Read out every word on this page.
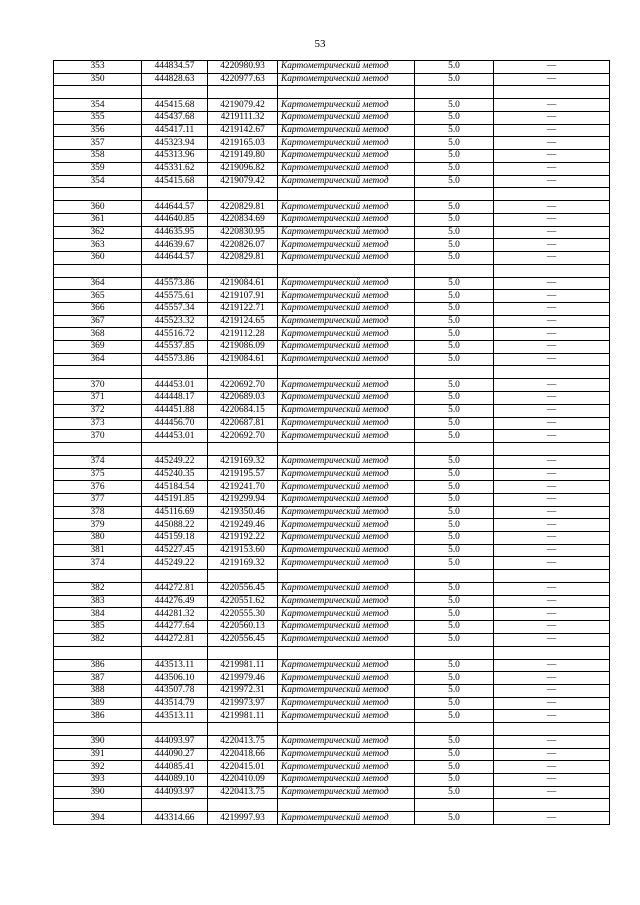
53
353	444834.57	4220980.93	Картометрический метод	5.0	—
350	444828.63	4220977.63	Картометрический метод	5.0	—

354	445415.68	4219079.42	Картометрический метод	5.0	—
355	445437.68	4219111.32	Картометрический метод	5.0	—
356	445417.11	4219142.67	Картометрический метод	5.0	—
357	445323.94	4219165.03	Картометрический метод	5.0	—
358	445313.96	4219149.80	Картометрический метод	5.0	—
359	445331.62	4219096.82	Картометрический метод	5.0	—
354	445415.68	4219079.42	Картометрический метод	5.0	—

360	444644.57	4220829.81	Картометрический метод	5.0	—
361	444640.85	4220834.69	Картометрический метод	5.0	—
362	444635.95	4220830.95	Картометрический метод	5.0	—
363	444639.67	4220826.07	Картометрический метод	5.0	—
360	444644.57	4220829.81	Картометрический метод	5.0	—

364	445573.86	4219084.61	Картометрический метод	5.0	—
365	445575.61	4219107.91	Картометрический метод	5.0	—
366	445557.34	4219122.71	Картометрический метод	5.0	—
367	445523.32	4219124.65	Картометрический метод	5.0	—
368	445516.72	4219112.28	Картометрический метод	5.0	—
369	445537.85	4219086.09	Картометрический метод	5.0	—
364	445573.86	4219084.61	Картометрический метод	5.0	—

370	444453.01	4220692.70	Картометрический метод	5.0	—
371	444448.17	4220689.03	Картометрический метод	5.0	—
372	444451.88	4220684.15	Картометрический метод	5.0	—
373	444456.70	4220687.81	Картометрический метод	5.0	—
370	444453.01	4220692.70	Картометрический метод	5.0	—

374	445249.22	4219169.32	Картометрический метод	5.0	—
375	445240.35	4219195.57	Картометрический метод	5.0	—
376	445184.54	4219241.70	Картометрический метод	5.0	—
377	445191.85	4219299.94	Картометрический метод	5.0	—
378	445116.69	4219350.46	Картометрический метод	5.0	—
379	445088.22	4219249.46	Картометрический метод	5.0	—
380	445159.18	4219192.22	Картометрический метод	5.0	—
381	445227.45	4219153.60	Картометрический метод	5.0	—
374	445249.22	4219169.32	Картометрический метод	5.0	—

382	444272.81	4220556.45	Картометрический метод	5.0	—
383	444276.49	4220551.62	Картометрический метод	5.0	—
384	444281.32	4220555.30	Картометрический метод	5.0	—
385	444277.64	4220560.13	Картометрический метод	5.0	—
382	444272.81	4220556.45	Картометрический метод	5.0	—

386	443513.11	4219981.11	Картометрический метод	5.0	—
387	443506.10	4219979.46	Картометрический метод	5.0	—
388	443507.78	4219972.31	Картометрический метод	5.0	—
389	443514.79	4219973.97	Картометрический метод	5.0	—
386	443513.11	4219981.11	Картометрический метод	5.0	—

390	444093.97	4220413.75	Картометрический метод	5.0	—
391	444090.27	4220418.66	Картометрический метод	5.0	—
392	444085.41	4220415.01	Картометрический метод	5.0	—
393	444089.10	4220410.09	Картометрический метод	5.0	—
390	444093.97	4220413.75	Картометрический метод	5.0	—

394	443314.66	4219997.93	Картометрический метод	5.0	—
